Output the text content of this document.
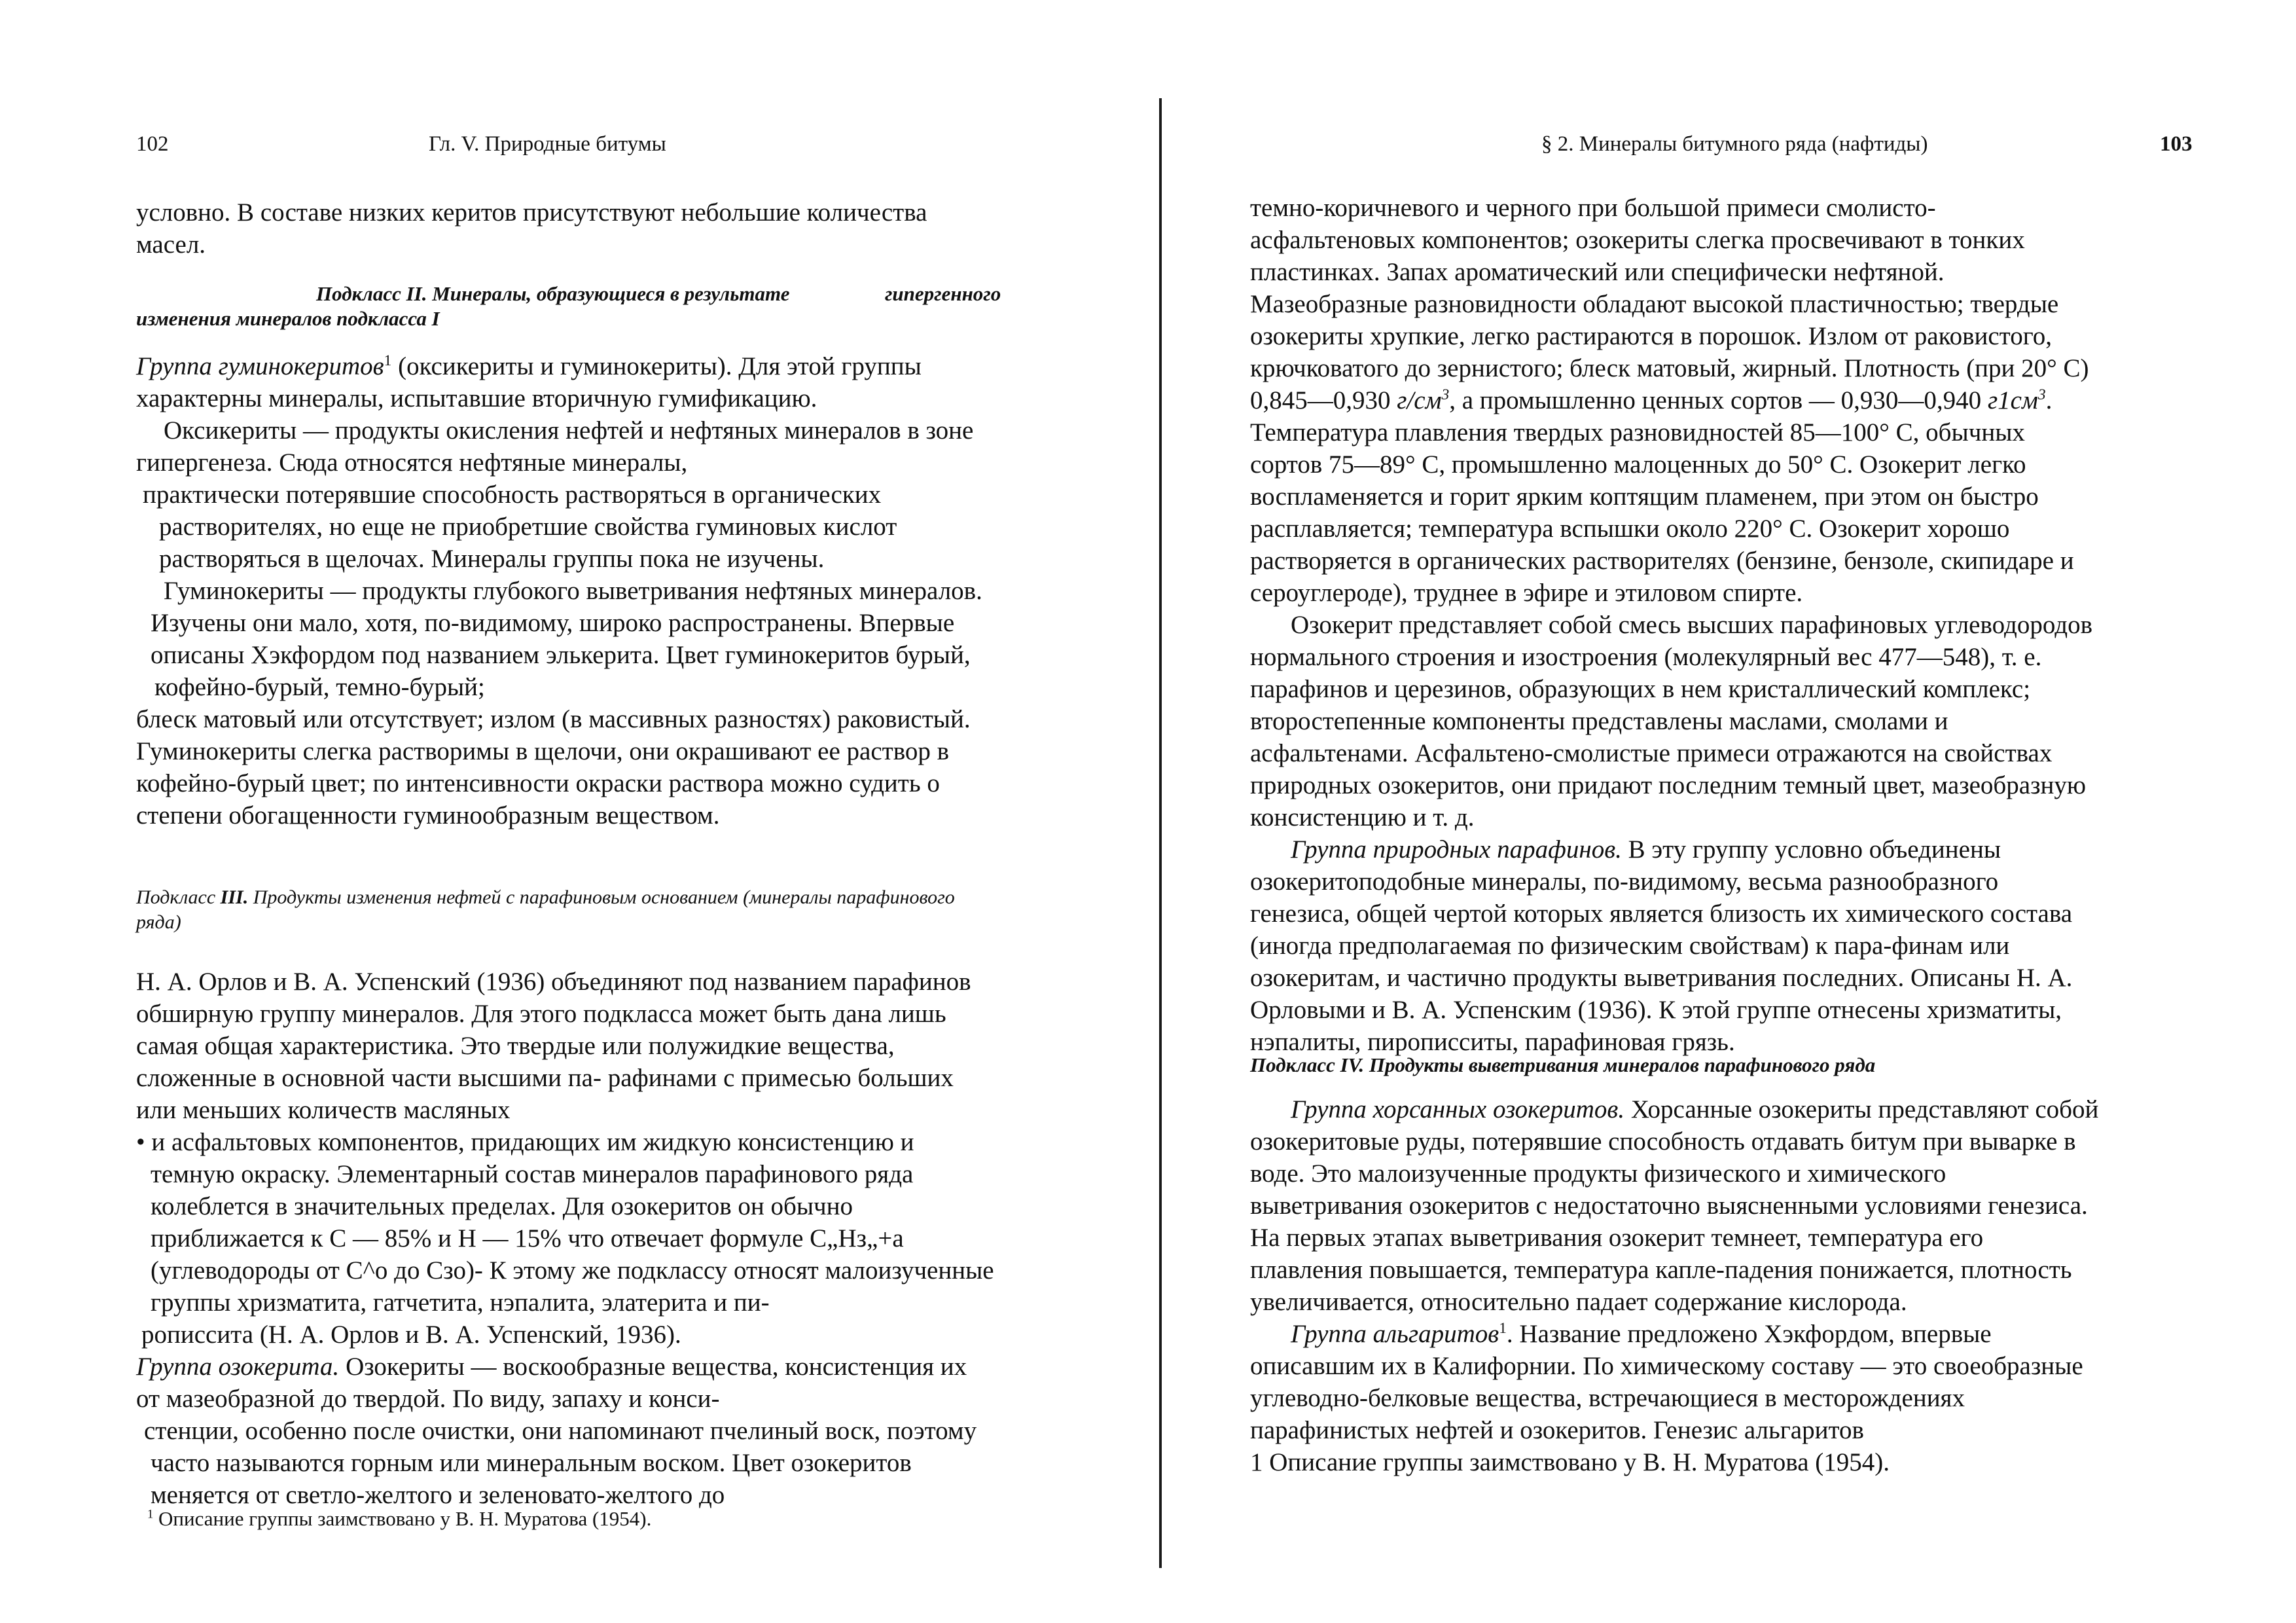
102	Гл. V. Природные битумы
условно. В составе низких керитов присутствуют небольшие количества
масел.
Подкласс II. Минералы, образующиеся в результате	гипергенного
изменения минералов подкласса I
Группа гуминокеритов$^1$ (оксикериты и гуминокериты). Для этой группы
характерны минералы, испытавшие вторичную гумификацию.
Оксикериты — продукты окисления нефтей и нефтяных минералов в зоне
гипергенеза. Сюда относятся нефтяные минералы,
практически потерявшие способность растворяться в органических
растворителях, но еще не приобретшие свойства гуминовых кислот
растворяться в щелочах. Минералы группы пока не изучены.
Гуминокериты — продукты глубокого выветривания нефтяных минералов.
Изучены они мало, хотя, по-видимому, широко распространены. Впервые
описаны Хэкфордом под названием элькерита. Цвет гуминокеритов бурый,
кофейно-бурый, темно-бурый;
блеск матовый или отсутствует; излом (в массивных разностях) раковистый.
Гуминокериты слегка растворимы в щелочи, они окрашивают ее раствор в
кофейно-бурый цвет; по интенсивности окраски раствора можно судить о
степени обогащенности гуминообразным веществом.
Подкласс III. Продукты изменения нефтей с парафиновым основанием (минералы парафинового
ряда)
Н. А. Орлов и В. А. Успенский (1936) объединяют под названием парафинов
обширную группу минералов. Для этого подкласса может быть дана лишь
самая общая характеристика. Это твердые или полужидкие вещества,
сложенные в основной части высшими па- рафинами с примесью больших
или меньших количеств масляных
• и асфальтовых компонентов, придающих им жидкую консистенцию и
темную окраску. Элементарный состав минералов парафинового ряда
колеблется в значительных пределах. Для озокеритов он обычно
приближается к С — 85% и Н — 15% что отвечает формуле С„Нз„+а
(углеводороды от С^о до Сзо)- К этому же подклассу относят малоизученные
группы хризматита, гатчетита, нэпалита, элатерита и пи-
рописсита (Н. А. Орлов и В. А. Успенский, 1936).
Группа озокерита. Озокериты — воскообразные вещества, консистенция их
от мазеобразной до твердой. По виду, запаху и конси-
стенции, особенно после очистки, они напоминают пчелиный воск, поэтому
часто называются горным или минеральным воском. Цвет озокеритов
меняется от светло-желтого и зеленовато-желтого до
$^1$ Описание группы заимствовано у В. Н. Муратова (1954).
§ 2. Минералы битумного ряда (нафтиды)	103
темно-коричневого и черного при большой примеси смолисто-
асфальтеновых компонентов; озокериты слегка просвечивают в тонких
пластинках. Запах ароматический или специфически нефтяной.
Мазеобразные разновидности обладают высокой пластичностью; твердые
озокериты хрупкие, легко растираются в порошок. Излом от раковистого,
крючковатого до зернистого; блеск матовый, жирный. Плотность (при 20° С)
0,845—0,930 $г/см^3$, а промышленно ценных сортов — 0,930—0,940 $г1см^3$.
Температура плавления твердых разновидностей 85—100° С, обычных
сортов 75—89° С, промышленно малоценных до 50° С. Озокерит легко
воспламеняется и горит ярким коптящим пламенем, при этом он быстро
расплавляется; температура вспышки около 220° С. Озокерит хорошо
растворяется в органических растворителях (бензине, бензоле, скипидаре и
сероуглероде), труднее в эфире и этиловом спирте.
Озокерит представляет собой смесь высших парафиновых углеводородов
нормального строения и изостроения (молекулярный вес 477—548), т. е.
парафинов и церезинов, образующих в нем кристаллический комплекс;
второстепенные компоненты представлены маслами, смолами и
асфальтенами. Асфальтено-смолистые примеси отражаются на свойствах
природных озокеритов, они придают последним темный цвет, мазеобразную
консистенцию и т. д.
Группа природных парафинов. В эту группу условно объединены
озокеритоподобные минералы, по-видимому, весьма разнообразного
генезиса, общей чертой которых является близость их химического состава
(иногда предполагаемая по физическим свойствам) к пара-финам или
озокеритам, и частично продукты выветривания последних. Описаны Н. А.
Орловыми и В. А. Успенским (1936). К этой группе отнесены хризматиты,
нэпалиты, пирописситы, парафиновая грязь.
Подкласс IV. Продукты выветривания минералов парафинового ряда
Группа хорсанных озокеритов. Хорсанные озокериты представляют собой
озокеритовые руды, потерявшие способность отдавать битум при выварке в
воде. Это малоизученные продукты физического и химического
выветривания озокеритов с недостаточно выясненными условиями генезиса.
На первых этапах выветривания озокерит темнеет, температура его
плавления повышается, температура капле-падения понижается, плотность
увеличивается, относительно падает содержание кислорода.
Группа альгаритов$^1$. Название предложено Хэкфордом, впервые
описавшим их в Калифорнии. По химическому составу — это своеобразные
углеводно-белковые вещества, встречающиеся в месторождениях
парафинистых нефтей и озокеритов. Генезис альгаритов
1 Описание группы заимствовано у В. Н. Муратова (1954).
